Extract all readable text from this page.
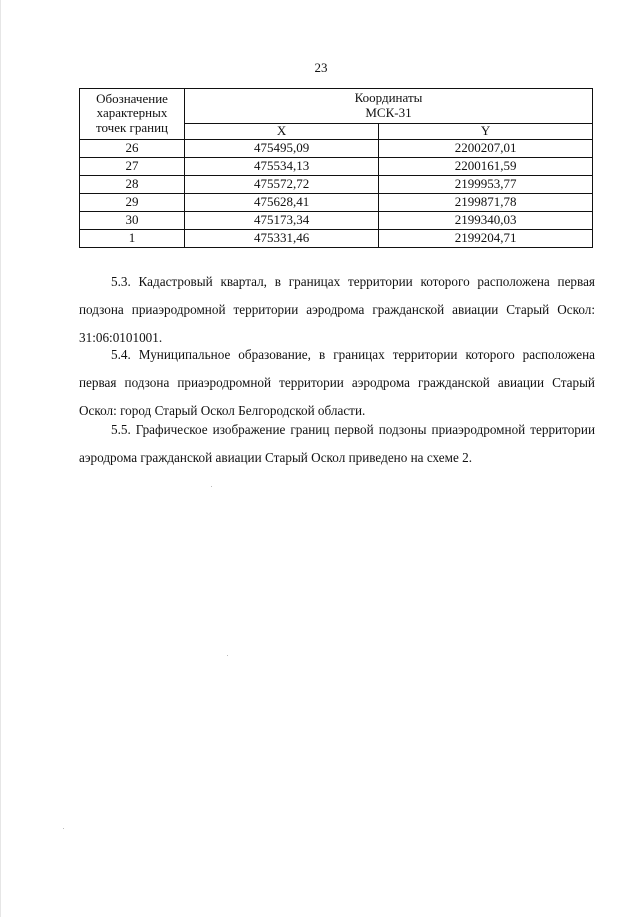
23
Обозначение характерных точек границ	Координаты
МСК-31	

	X	Y
26	475495,09	2200207,01
27	475534,13	2200161,59
28	475572,72	2199953,77
29	475628,41	2199871,78
30	475173,34	2199340,03
1	475331,46	2199204,71

5.3. Кадастровый квартал, в границах территории которого расположена первая подзона приаэродромной территории аэродрома гражданской авиации Старый Оскол: 31:06:0101001.

5.4. Муниципальное образование, в границах территории которого расположена первая подзона приаэродромной территории аэродрома гражданской авиации Старый Оскол: город Старый Оскол Белгородской области.

5.5. Графическое изображение границ первой подзоны приаэродромной территории аэродрома гражданской авиации Старый Оскол приведено на схеме 2.
